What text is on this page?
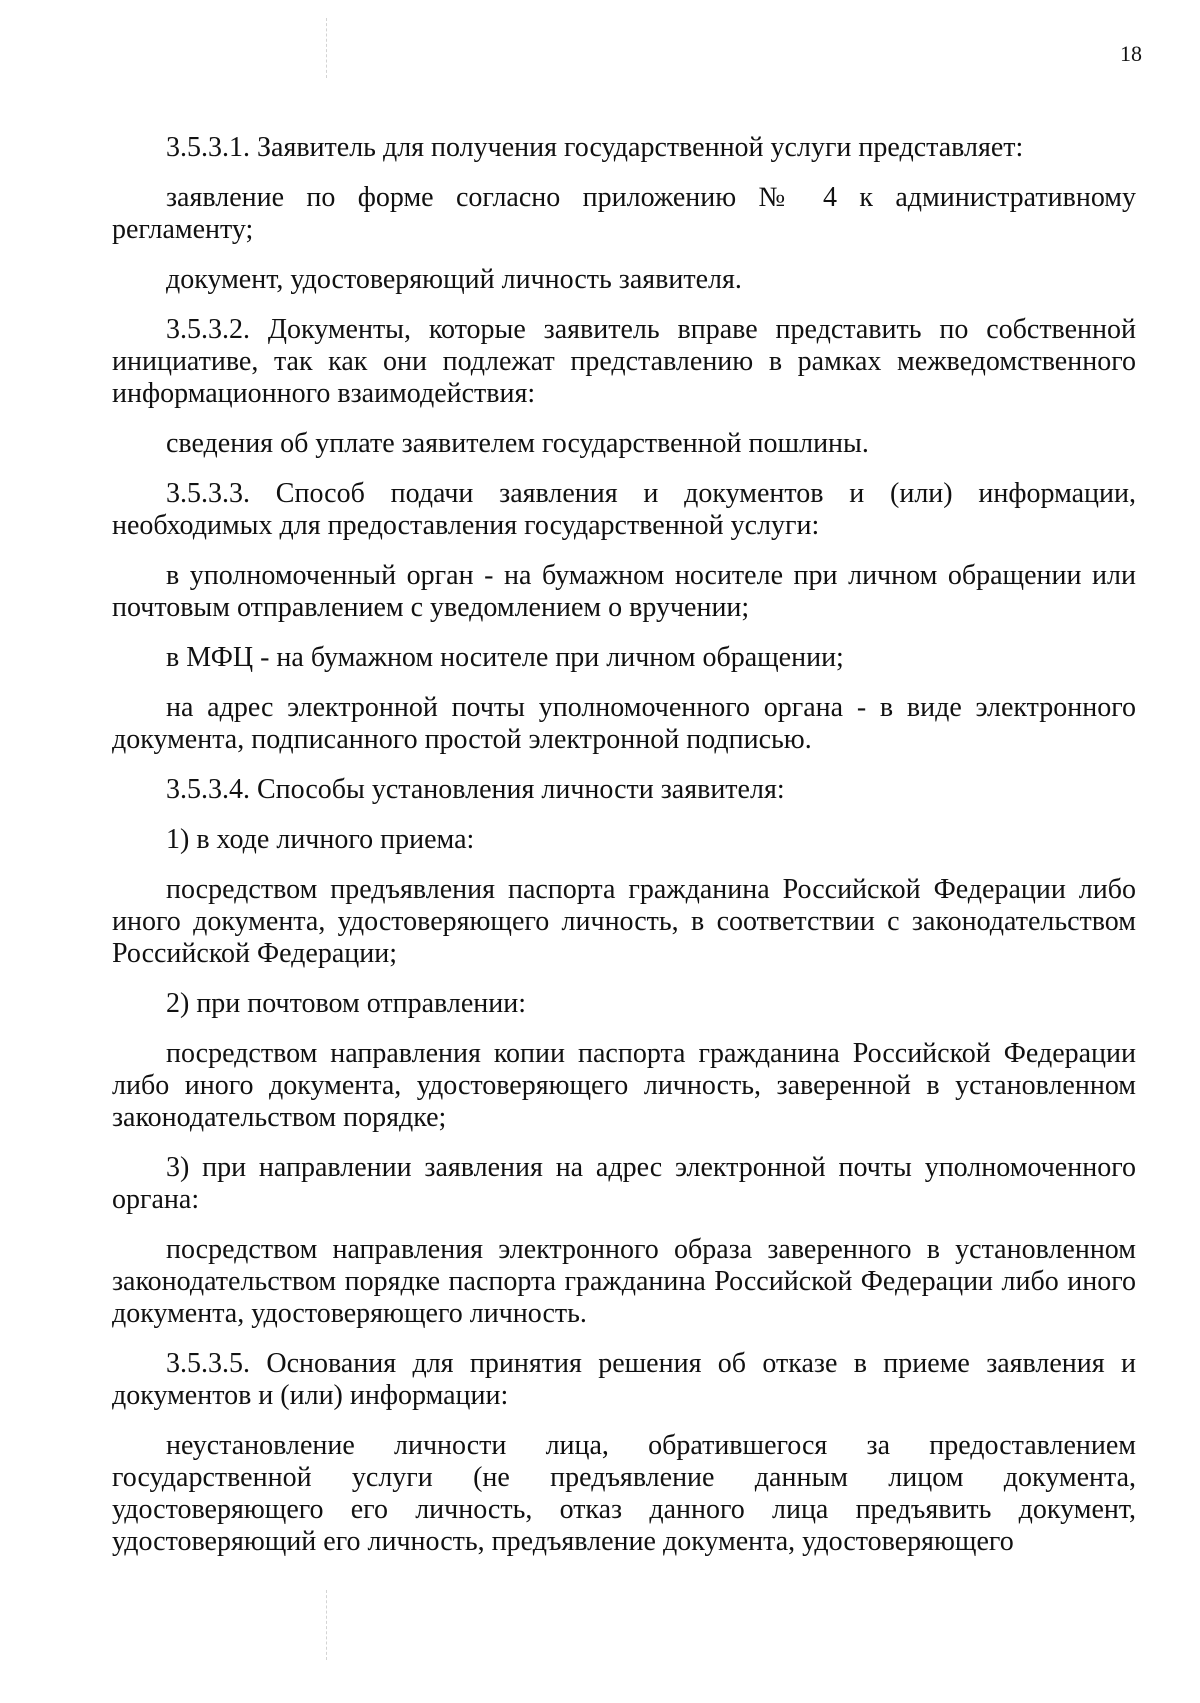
18

3.5.3.1. Заявитель для получения государственной услуги представляет:

заявление по форме согласно приложению № 4 к административному регламенту;

документ, удостоверяющий личность заявителя.

3.5.3.2. Документы, которые заявитель вправе представить по собственной инициативе, так как они подлежат представлению в рамках межведомственного информационного взаимодействия:

сведения об уплате заявителем государственной пошлины.

3.5.3.3. Способ подачи заявления и документов и (или) информации, необходимых для предоставления государственной услуги:

в уполномоченный орган - на бумажном носителе при личном обращении или почтовым отправлением с уведомлением о вручении;

в МФЦ - на бумажном носителе при личном обращении;

на адрес электронной почты уполномоченного органа - в виде электронного документа, подписанного простой электронной подписью.

3.5.3.4. Способы установления личности заявителя:

1) в ходе личного приема:

посредством предъявления паспорта гражданина Российской Федерации либо иного документа, удостоверяющего личность, в соответствии с законодательством Российской Федерации;

2) при почтовом отправлении:

посредством направления копии паспорта гражданина Российской Федерации либо иного документа, удостоверяющего личность, заверенной в установленном законодательством порядке;

3) при направлении заявления на адрес электронной почты уполномоченного органа:

посредством направления электронного образа заверенного в установленном законодательством порядке паспорта гражданина Российской Федерации либо иного документа, удостоверяющего личность.

3.5.3.5. Основания для принятия решения об отказе в приеме заявления и документов и (или) информации:

неустановление личности лица, обратившегося за предоставлением государственной услуги (не предъявление данным лицом документа, удостоверяющего его личность, отказ данного лица предъявить документ, удостоверяющий его личность, предъявление документа, удостоверяющего
